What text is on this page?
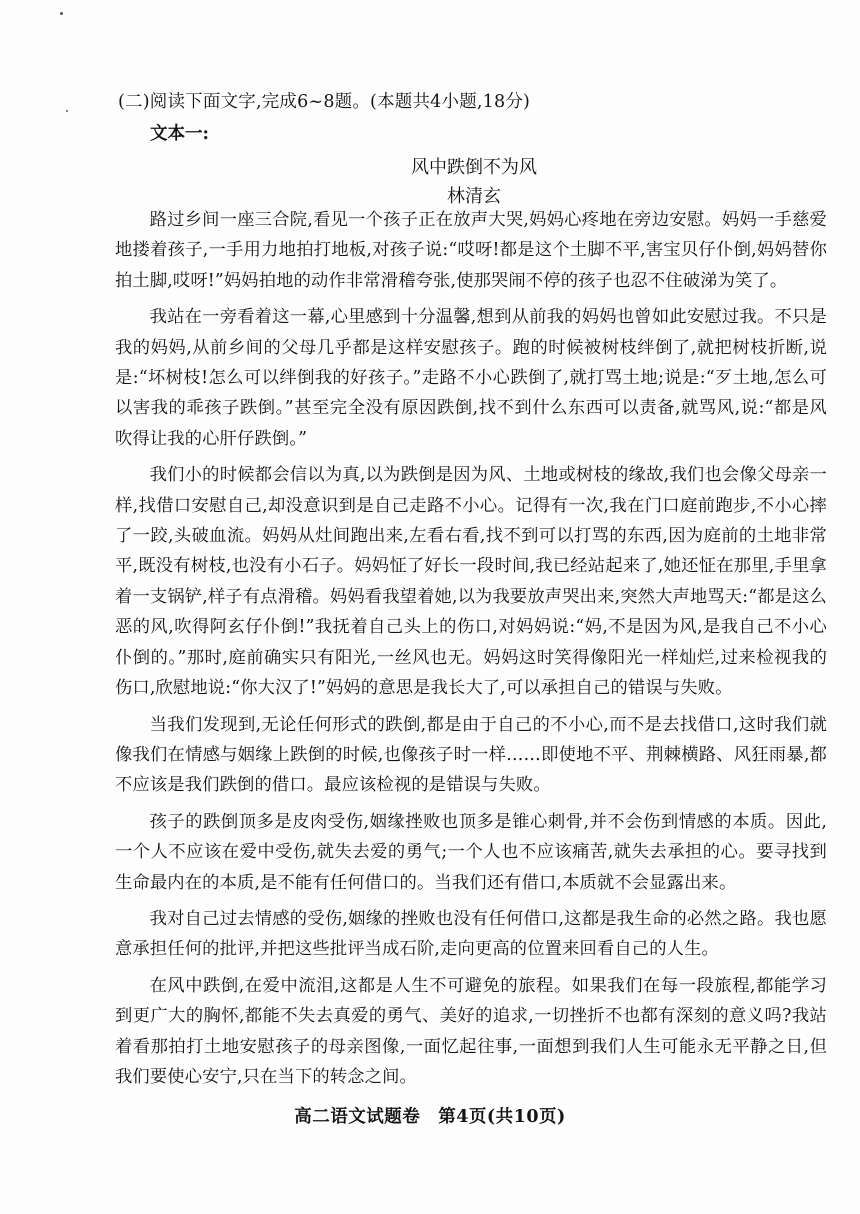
(二)阅读下面文字,完成6~8题。(本题共4小题,18分)
文本一:
风中跌倒不为风
林清玄

路过乡间一座三合院,看见一个孩子正在放声大哭,妈妈心疼地在旁边安慰。妈妈一手慈爱地搂着孩子,一手用力地拍打地板,对孩子说:“哎呀!都是这个土脚不平,害宝贝仔仆倒,妈妈替你拍土脚,哎呀!”妈妈拍地的动作非常滑稽夸张,使那哭闹不停的孩子也忍不住破涕为笑了。

我站在一旁看着这一幕,心里感到十分温馨,想到从前我的妈妈也曾如此安慰过我。不只是我的妈妈,从前乡间的父母几乎都是这样安慰孩子。跑的时候被树枝绊倒了,就把树枝折断,说是:“坏树枝!怎么可以绊倒我的好孩子。”走路不小心跌倒了,就打骂土地;说是:“歹土地,怎么可以害我的乖孩子跌倒。”甚至完全没有原因跌倒,找不到什么东西可以责备,就骂风,说:“都是风吹得让我的心肝仔跌倒。”

我们小的时候都会信以为真,以为跌倒是因为风、土地或树枝的缘故,我们也会像父母亲一样,找借口安慰自己,却没意识到是自己走路不小心。记得有一次,我在门口庭前跑步,不小心摔了一跤,头破血流。妈妈从灶间跑出来,左看右看,找不到可以打骂的东西,因为庭前的土地非常平,既没有树枝,也没有小石子。妈妈怔了好长一段时间,我已经站起来了,她还怔在那里,手里拿着一支锅铲,样子有点滑稽。妈妈看我望着她,以为我要放声哭出来,突然大声地骂天:“都是这么恶的风,吹得阿玄仔仆倒!”我抚着自己头上的伤口,对妈妈说:“妈,不是因为风,是我自己不小心仆倒的。”那时,庭前确实只有阳光,一丝风也无。妈妈这时笑得像阳光一样灿烂,过来检视我的伤口,欣慰地说:“你大汉了!”妈妈的意思是我长大了,可以承担自己的错误与失败。

当我们发现到,无论任何形式的跌倒,都是由于自己的不小心,而不是去找借口,这时我们就像我们在情感与姻缘上跌倒的时候,也像孩子时一样……即使地不平、荆棘横路、风狂雨暴,都不应该是我们跌倒的借口。最应该检视的是错误与失败。

孩子的跌倒顶多是皮肉受伤,姻缘挫败也顶多是锥心刺骨,并不会伤到情感的本质。因此,一个人不应该在爱中受伤,就失去爱的勇气;一个人也不应该痛苦,就失去承担的心。要寻找到生命最内在的本质,是不能有任何借口的。当我们还有借口,本质就不会显露出来。

我对自己过去情感的受伤,姻缘的挫败也没有任何借口,这都是我生命的必然之路。我也愿意承担任何的批评,并把这些批评当成石阶,走向更高的位置来回看自己的人生。

在风中跌倒,在爱中流泪,这都是人生不可避免的旅程。如果我们在每一段旅程,都能学习到更广大的胸怀,都能不失去真爱的勇气、美好的追求,一切挫折不也都有深刻的意义吗?我站着看那拍打土地安慰孩子的母亲图像,一面忆起往事,一面想到我们人生可能永无平静之日,但我们要使心安宁,只在当下的转念之间。

高二语文试题卷　第4页(共10页)
